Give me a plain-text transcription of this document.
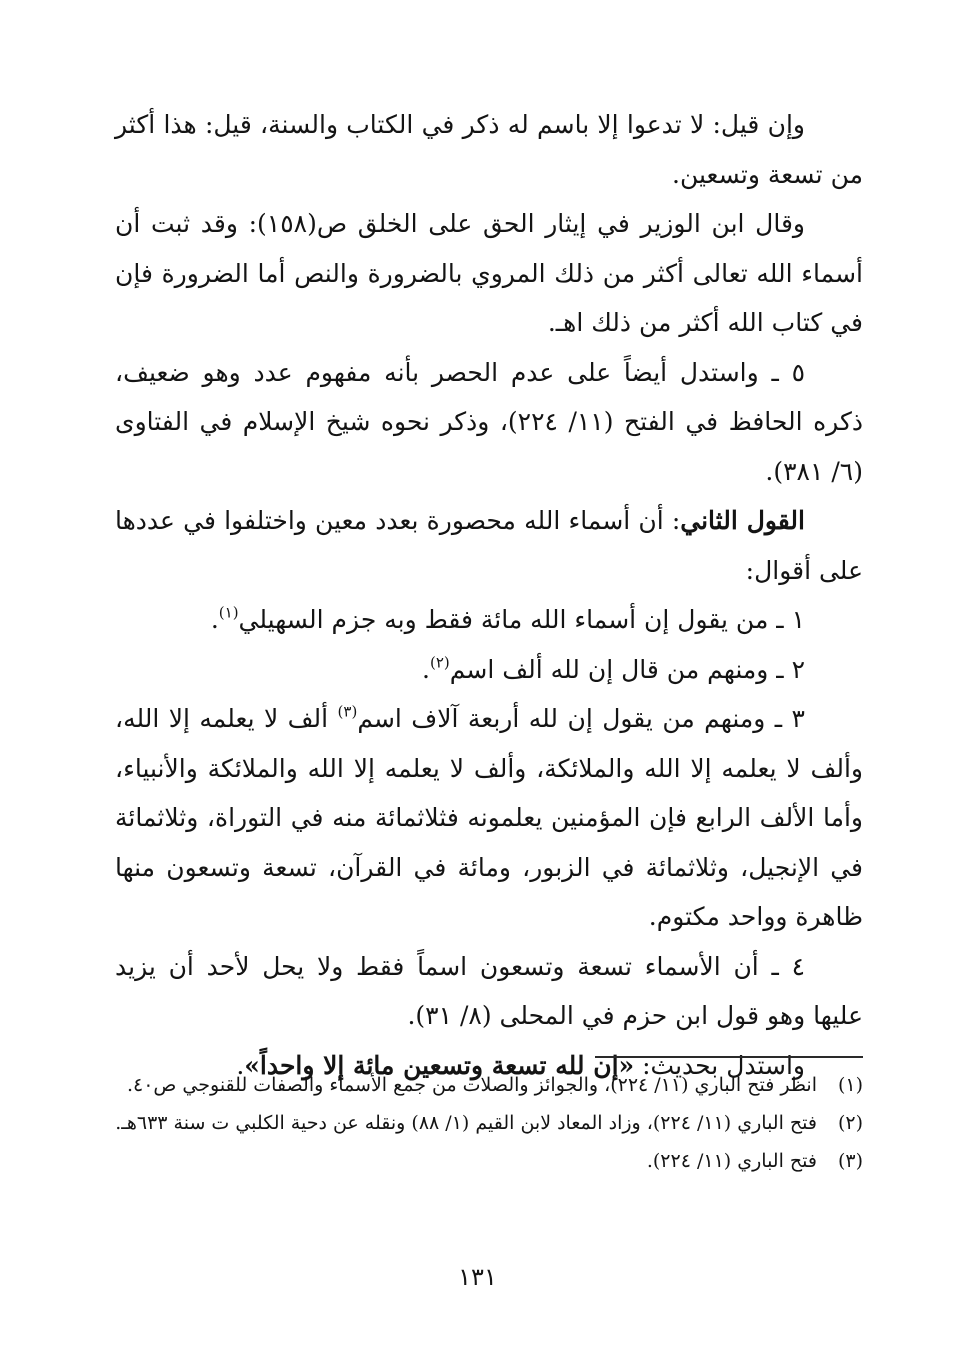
وإن قيل: لا تدعوا إلا باسم له ذكر في الكتاب والسنة، قيل: هذا أكثر من تسعة وتسعين.

وقال ابن الوزير في إيثار الحق على الخلق ص(١٥٨): وقد ثبت أن أسماء الله تعالى أكثر من ذلك المروي بالضرورة والنص أما الضرورة فإن في كتاب الله أكثر من ذلك اهـ.

٥ ـ واستدل أيضاً على عدم الحصر بأنه مفهوم عدد وهو ضعيف، ذكره الحافظ في الفتح (١١/ ٢٢٤)، وذكر نحوه شيخ الإسلام في الفتاوى (٦/ ٣٨١).

القول الثاني: أن أسماء الله محصورة بعدد معين واختلفوا في عددها على أقوال:

١ ـ من يقول إن أسماء الله مائة فقط وبه جزم السهيلي$^{(١)}$.

٢ ـ ومنهم من قال إن لله ألف اسم$^{(٢)}$.

٣ ـ ومنهم من يقول إن لله أربعة آلاف اسم$^{(٣)}$ ألف لا يعلمه إلا الله، وألف لا يعلمه إلا الله والملائكة، وألف لا يعلمه إلا الله والملائكة والأنبياء، وأما الألف الرابع فإن المؤمنين يعلمونه فثلاثمائة منه في التوراة، وثلاثمائة في الإنجيل، وثلاثمائة في الزبور، ومائة في القرآن، تسعة وتسعون منها ظاهرة وواحد مكتوم.

٤ ـ أن الأسماء تسعة وتسعون اسماً فقط ولا يحل لأحد أن يزيد عليها وهو قول ابن حزم في المحلى (٨/ ٣١).

واستدل بحديث: «إن لله تسعة وتسعين مائة إلا واحداً».

(١)
انظر فتح الباري (١١/ ٢٢٤)، والجوائز والصلات من جمع الأسماء والصفات للقنوجي ص٤٠.
(٢)
فتح الباري (١١/ ٢٢٤)، وزاد المعاد لابن القيم (١/ ٨٨) ونقله عن دحية الكلبي ت سنة ٦٣٣هـ.
(٣)
فتح الباري (١١/ ٢٢٤).
١٣١
